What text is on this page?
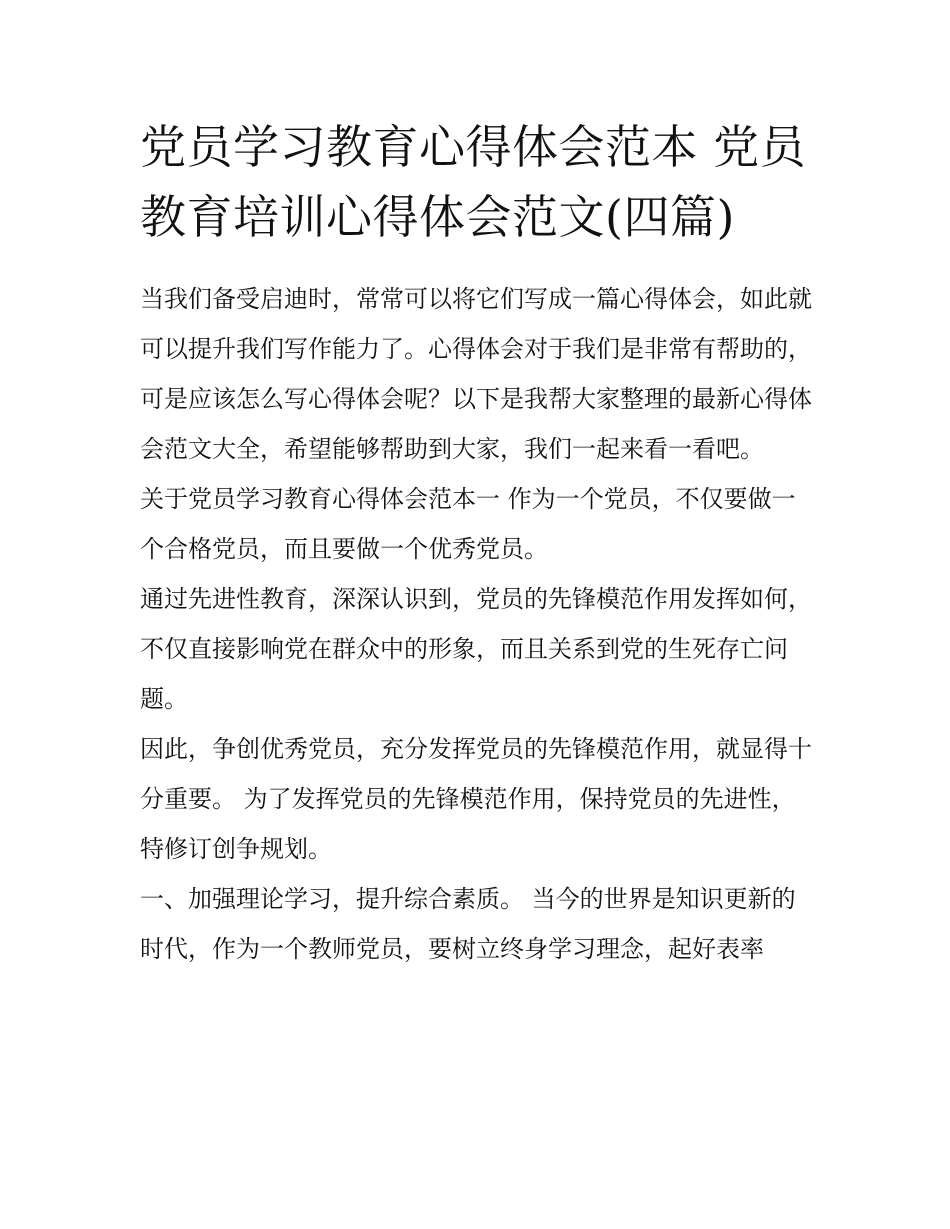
党员学习教育心得体会范本 党员教育培训心得体会范文(四篇)

当我们备受启迪时，常常可以将它们写成一篇心得体会，如此就可以提升我们写作能力了。心得体会对于我们是非常有帮助的，可是应该怎么写心得体会呢？以下是我帮大家整理的最新心得体会范文大全，希望能够帮助到大家，我们一起来看一看吧。

关于党员学习教育心得体会范本一 作为一个党员，不仅要做一个合格党员，而且要做一个优秀党员。

通过先进性教育，深深认识到，党员的先锋模范作用发挥如何，不仅直接影响党在群众中的形象，而且关系到党的生死存亡问题。

因此，争创优秀党员，充分发挥党员的先锋模范作用，就显得十分重要。 为了发挥党员的先锋模范作用，保持党员的先进性，特修订创争规划。

一、加强理论学习，提升综合素质。 当今的世界是知识更新的时代，作为一个教师党员，要树立终身学习理念，起好表率
